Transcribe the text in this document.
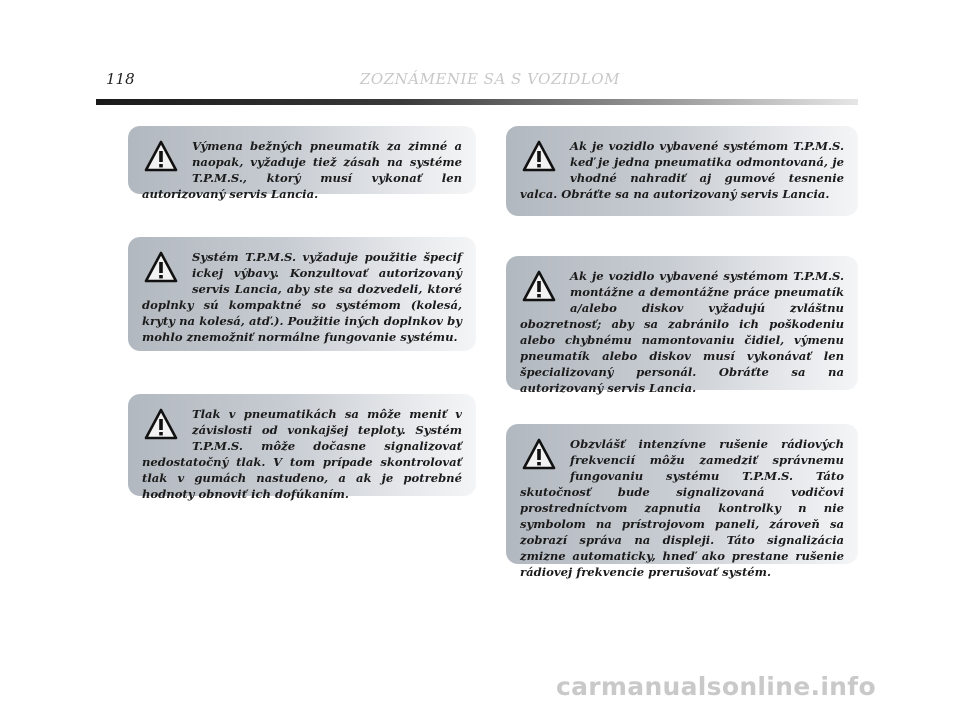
118	ZOZNÁMENIE SA S VOZIDLOM

Výmena bežných pneumatík za zimné a naopak, vyžaduje tiež zásah na systéme T.P.M.S., ktorý musí vykonať len autorizovaný servis Lancia.

Systém T.P.M.S. vyžaduje použitie špecif ickej výbavy. Konzultovať autorizovaný servis Lancia, aby ste sa dozvedeli, ktoré doplnky sú kompaktné so systémom (kolesá, kryty na kolesá, atď.). Použitie iných doplnkov by mohlo znemožniť normálne fungovanie systému.

Tlak v pneumatikách sa môže meniť v závislosti od vonkajšej teploty. Systém T.P.M.S. môže dočasne signalizovať nedostatočný tlak. V tom prípade skontrolovať tlak v gumách nastudeno, a ak je potrebné hodnoty obnoviť ich dofúkaním.

Ak je vozidlo vybavené systémom T.P.M.S. keď je jedna pneumatika odmontovaná, je vhodné nahradiť aj gumové tesnenie valca. Obráťte sa na autorizovaný servis Lancia.

Ak je vozidlo vybavené systémom T.P.M.S. montážne a demontážne práce pneumatík a/alebo diskov vyžadujú zvláštnu obozretnosť; aby sa zabránilo ich poškodeniu alebo chybnému namontovaniu čidiel, výmenu pneumatík alebo diskov musí vykonávať len špecializovaný personál. Obráťte sa na autorizovaný servis Lancia.

Obzvlášť intenzívne rušenie rádiových frekvencií môžu zamedziť správnemu fungovaniu systému T.P.M.S. Táto skutočnosť bude signalizovaná vodičovi prostredníctvom zapnutia kontrolky n nie symbolom na prístrojovom paneli, zároveň sa zobrazí správa na displeji. Táto signalizácia zmizne automaticky, hneď ako prestane rušenie rádiovej frekvencie prerušovať systém.

carmanualsonline.info
